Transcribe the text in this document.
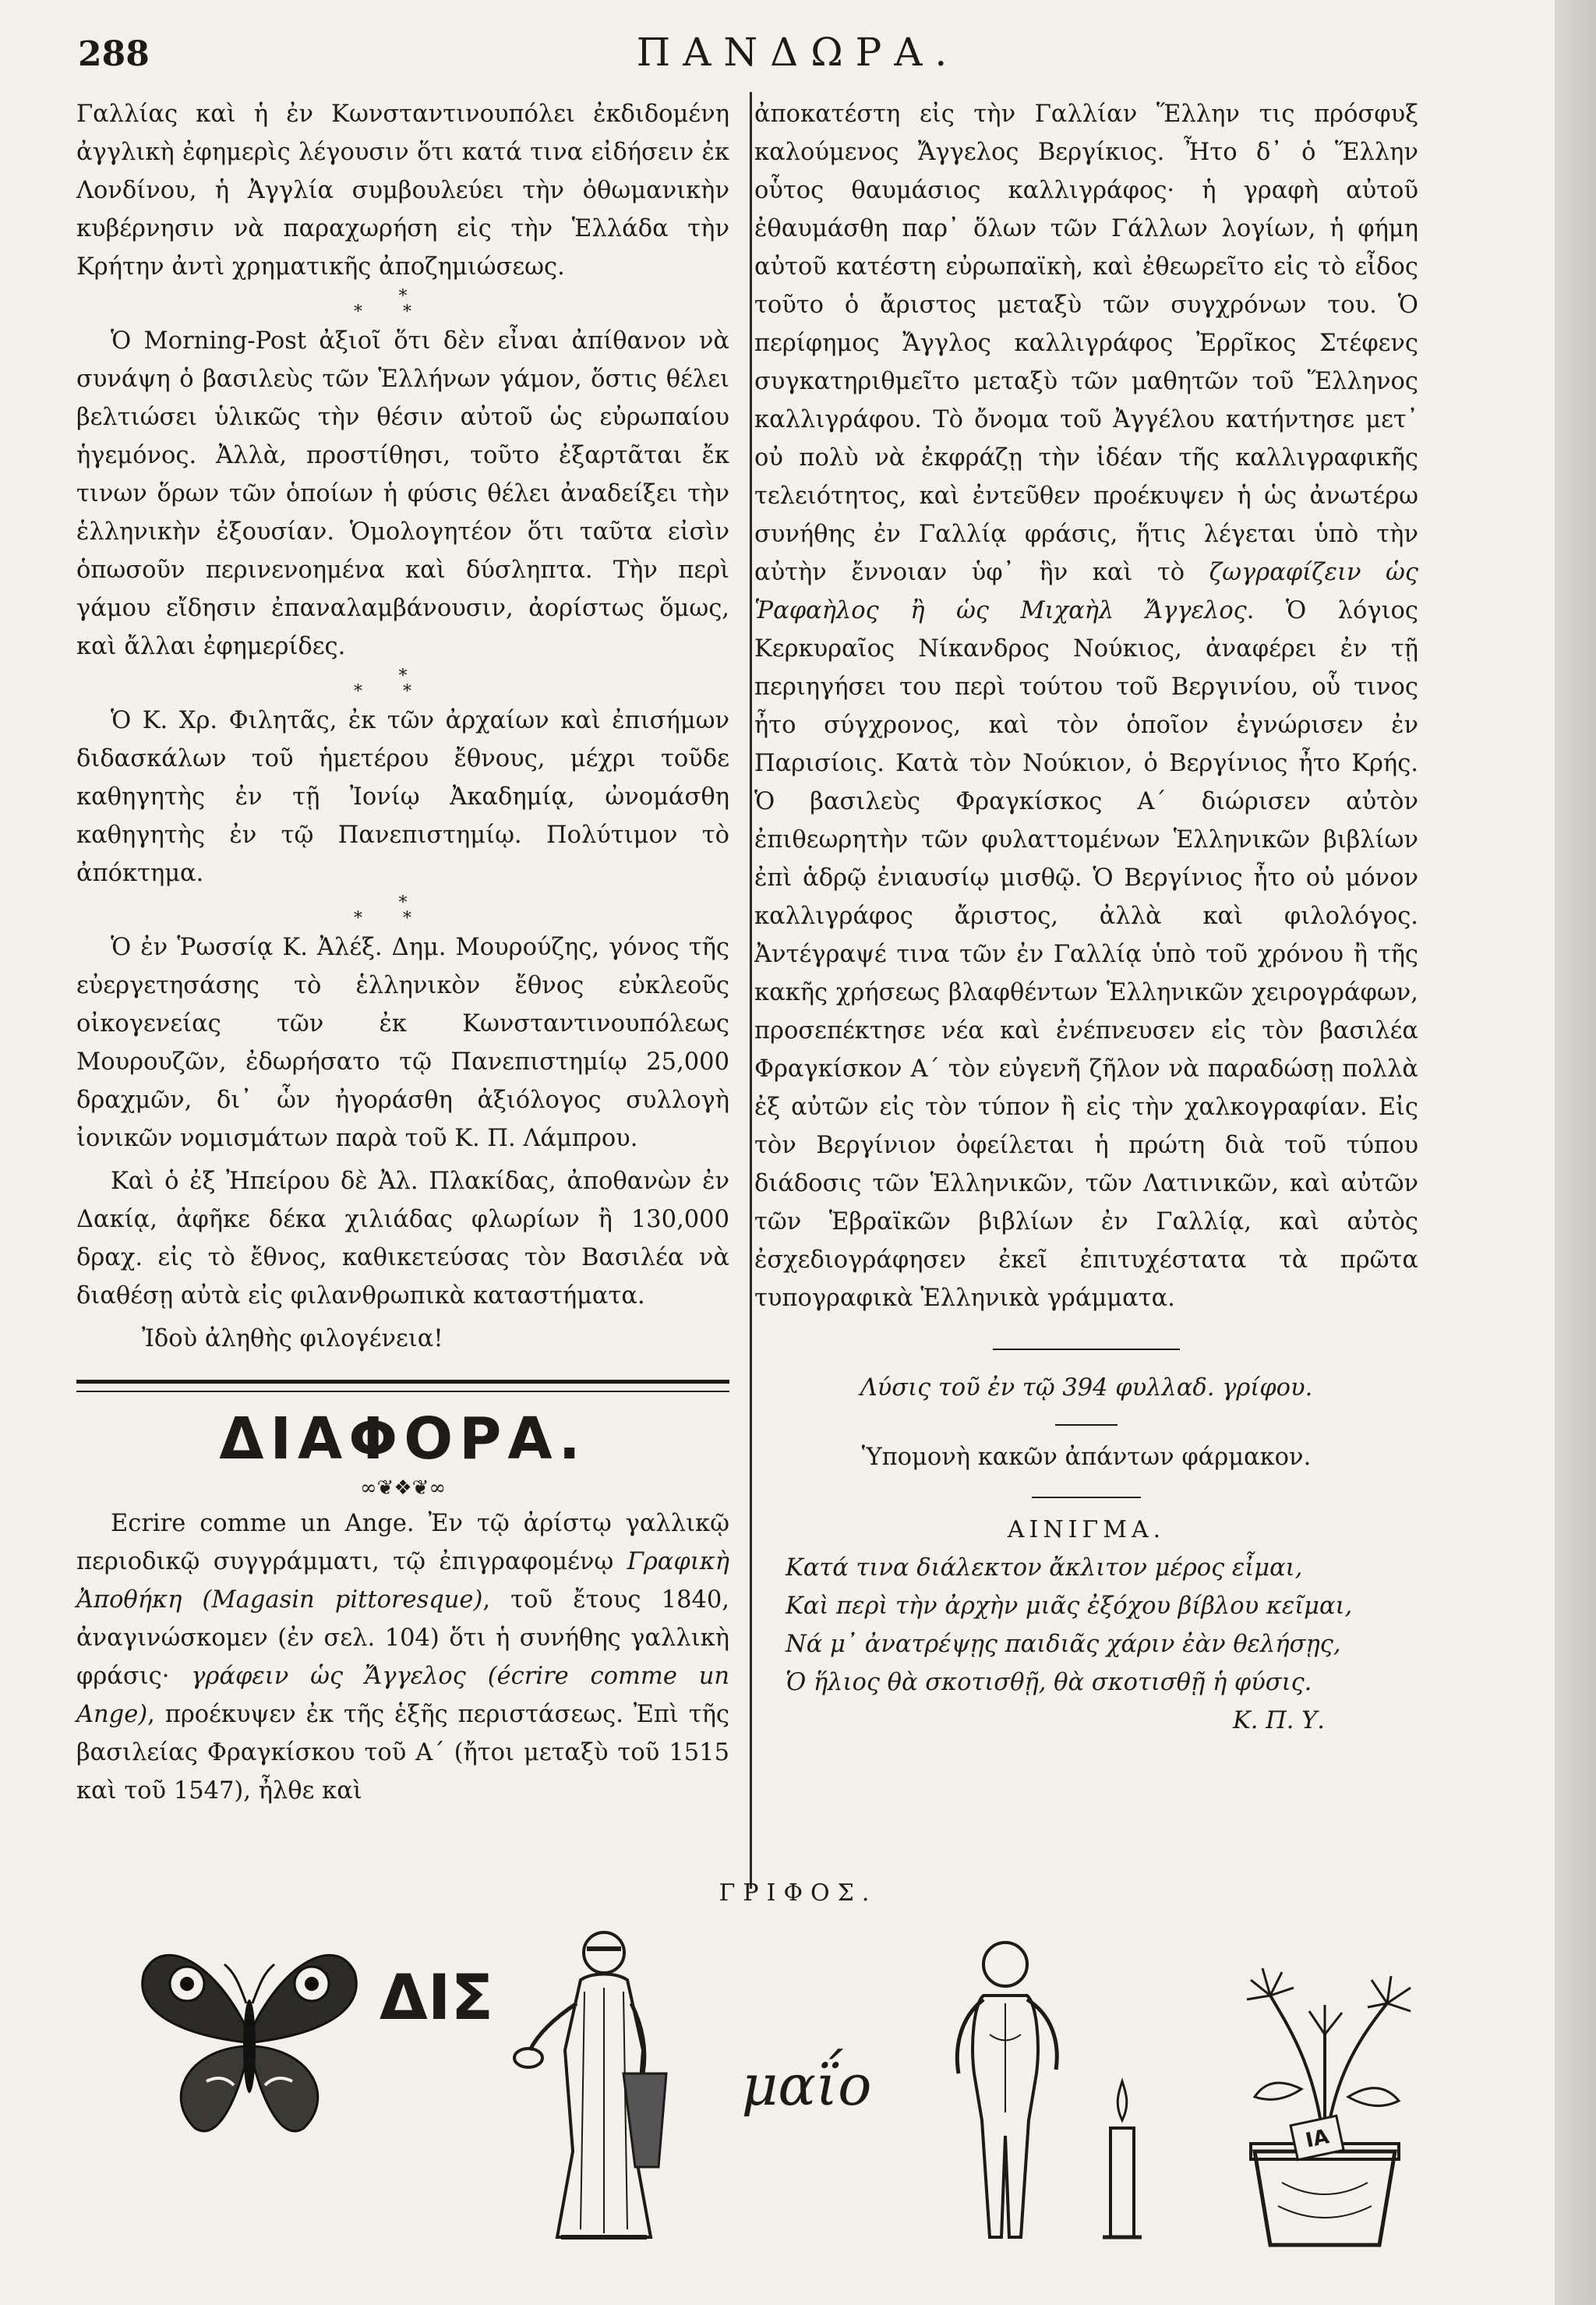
288	ΠΑΝΔΩΡΑ.

Γαλλίας καὶ ἡ ἐν Κωνσταντινουπόλει ἐκδιδομένη ἀγγλικὴ ἐφημερὶς λέγουσιν ὅτι κατά τινα εἰδήσειν ἐκ Λονδίνου, ἡ Ἀγγλία συμβουλεύει τὴν ὀθωμανικὴν κυβέρνησιν νὰ παραχωρήση εἰς τὴν Ἑλλάδα τὴν Κρήτην ἀντὶ χρηματικῆς ἀποζημιώσεως.

*
**

Ὁ Morning-Post ἀξιοῖ ὅτι δὲν εἶναι ἀπίθανον νὰ συνάψη ὁ βασιλεὺς τῶν Ἑλλήνων γάμον, ὅστις θέλει βελτιώσει ὑλικῶς τὴν θέσιν αὐτοῦ ὡς εὐρωπαίου ἡγεμόνος. Ἀλλὰ, προστίθησι, τοῦτο ἐξαρτᾶται ἔκ τινων ὅρων τῶν ὁποίων ἡ φύσις θέλει ἀναδείξει τὴν ἑλληνικὴν ἐξουσίαν. Ὁμολογητέον ὅτι ταῦτα εἰσὶν ὁπωσοῦν περινενοημένα καὶ δύσληπτα. Τὴν περὶ γάμου εἴδησιν ἐπαναλαμβάνουσιν, ἀορίστως ὅμως, καὶ ἄλλαι ἐφημερίδες.

*
**

Ὁ Κ. Χρ. Φιλητᾶς, ἐκ τῶν ἀρχαίων καὶ ἐπισήμων διδασκάλων τοῦ ἡμετέρου ἔθνους, μέχρι τοῦδε καθηγητὴς ἐν τῇ Ἰονίῳ Ἀκαδημίᾳ, ὠνομάσθη καθηγητὴς ἐν τῷ Πανεπιστημίῳ. Πολύτιμον τὸ ἀπόκτημα.

*
**

Ὁ ἐν Ῥωσσίᾳ Κ. Ἀλέξ. Δημ. Μουρούζης, γόνος τῆς εὐεργετησάσης τὸ ἑλληνικὸν ἔθνος εὐκλεοῦς οἰκογενείας τῶν ἐκ Κωνσταντινουπόλεως Μουρουζῶν, ἐδωρήσατο τῷ Πανεπιστημίῳ 25,000 δραχμῶν, δι᾽ ὧν ἠγοράσθη ἀξιόλογος συλλογὴ ἰονικῶν νομισμάτων παρὰ τοῦ Κ. Π. Λάμπρου.

Καὶ ὁ ἐξ Ἠπείρου δὲ Ἀλ. Πλακίδας, ἀποθανὼν ἐν Δακίᾳ, ἀφῆκε δέκα χιλιάδας φλωρίων ἢ 130,000 δραχ. εἰς τὸ ἔθνος, καθικετεύσας τὸν Βασιλέα νὰ διαθέσῃ αὐτὰ εἰς φιλανθρωπικὰ καταστήματα.

Ἰδοὺ ἀληθὴς φιλογένεια!

ΔΙΑΦΟΡΑ.
∞❦❖❦∞

Ecrire comme un Ange. Ἐν τῷ ἀρίστῳ γαλλικῷ περιοδικῷ συγγράμματι, τῷ ἐπιγραφομένῳ Γραφικὴ Ἀποθήκη (Magasin pittoresque), τοῦ ἔτους 1840, ἀναγινώσκομεν (ἐν σελ. 104) ὅτι ἡ συνήθης γαλλικὴ φράσις· γράφειν ὡς Ἄγγελος (écrire comme un Ange), προέκυψεν ἐκ τῆς ἑξῆς περιστάσεως. Ἐπὶ τῆς βασιλείας Φραγκίσκου τοῦ Α´ (ἤτοι μεταξὺ τοῦ 1515 καὶ τοῦ 1547), ἦλθε καὶ

ἀποκατέστη εἰς τὴν Γαλλίαν Ἕλλην τις πρόσφυξ καλούμενος Ἄγγελος Βεργίκιος. Ἦτο δ᾽ ὁ Ἕλλην οὗτος θαυμάσιος καλλιγράφος· ἡ γραφὴ αὐτοῦ ἐθαυμάσθη παρ᾽ ὅλων τῶν Γάλλων λογίων, ἡ φήμη αὐτοῦ κατέστη εὐρωπαϊκὴ, καὶ ἐθεωρεῖτο εἰς τὸ εἶδος τοῦτο ὁ ἄριστος μεταξὺ τῶν συγχρόνων του. Ὁ περίφημος Ἄγγλος καλλιγράφος Ἐρρῖκος Στέφενς συγκατηριθμεῖτο μεταξὺ τῶν μαθητῶν τοῦ Ἕλληνος καλλιγράφου. Τὸ ὄνομα τοῦ Ἀγγέλου κατήντησε μετ᾽ οὐ πολὺ νὰ ἐκφράζῃ τὴν ἰδέαν τῆς καλλιγραφικῆς τελειότητος, καὶ ἐντεῦθεν προέκυψεν ἡ ὡς ἀνωτέρω συνήθης ἐν Γαλλίᾳ φράσις, ἥτις λέγεται ὑπὸ τὴν αὐτὴν ἔννοιαν ὑφ᾽ ἣν καὶ τὸ ζωγραφίζειν ὡς Ῥαφαὴλος ἢ ὡς Μιχαὴλ Ἄγγελος. Ὁ λόγιος Κερκυραῖος Νίκανδρος Νούκιος, ἀναφέρει ἐν τῇ περιηγήσει του περὶ τούτου τοῦ Βεργινίου, οὗ τινος ἦτο σύγχρονος, καὶ τὸν ὁποῖον ἐγνώρισεν ἐν Παρισίοις. Κατὰ τὸν Νούκιον, ὁ Βεργίνιος ἦτο Κρής. Ὁ βασιλεὺς Φραγκίσκος Α´ διώρισεν αὐτὸν ἐπιθεωρητὴν τῶν φυλαττομένων Ἑλληνικῶν βιβλίων ἐπὶ ἁδρῷ ἐνιαυσίῳ μισθῷ. Ὁ Βεργίνιος ἦτο οὐ μόνον καλλιγράφος ἄριστος, ἀλλὰ καὶ φιλολόγος. Ἀντέγραψέ τινα τῶν ἐν Γαλλίᾳ ὑπὸ τοῦ χρόνου ἢ τῆς κακῆς χρήσεως βλαφθέντων Ἑλληνικῶν χειρογράφων, προσεπέκτησε νέα καὶ ἐνέπνευσεν εἰς τὸν βασιλέα Φραγκίσκον Α´ τὸν εὐγενῆ ζῆλον νὰ παραδώσῃ πολλὰ ἐξ αὐτῶν εἰς τὸν τύπον ἢ εἰς τὴν χαλκογραφίαν. Εἰς τὸν Βεργίνιον ὀφείλεται ἡ πρώτη διὰ τοῦ τύπου διάδοσις τῶν Ἑλληνικῶν, τῶν Λατινικῶν, καὶ αὐτῶν τῶν Ἑβραϊκῶν βιβλίων ἐν Γαλλίᾳ, καὶ αὐτὸς ἐσχεδιογράφησεν ἐκεῖ ἐπιτυχέστατα τὰ πρῶτα τυπογραφικὰ Ἑλληνικὰ γράμματα.

Λύσις τοῦ ἐν τῷ 394 φυλλαδ. γρίφου.

Ὑπομονὴ κακῶν ἀπάντων φάρμακον.

ΑΙΝΙΓΜΑ.
Κατά τινα διάλεκτον ἄκλιτον μέρος εἶμαι,
Καὶ περὶ τὴν ἀρχὴν μιᾶς ἐξόχου βίβλου κεῖμαι,
Νά μ᾽ ἀνατρέψῃς παιδιᾶς χάριν ἐὰν θελήσῃς,
Ὁ ἥλιος θὰ σκοτισθῇ, θὰ σκοτισθῇ ἡ φύσις.
Κ. Π. Υ.
ΓΡΙΦΟΣ.
ΔΙΣ
μαΐο
ΙΑ
